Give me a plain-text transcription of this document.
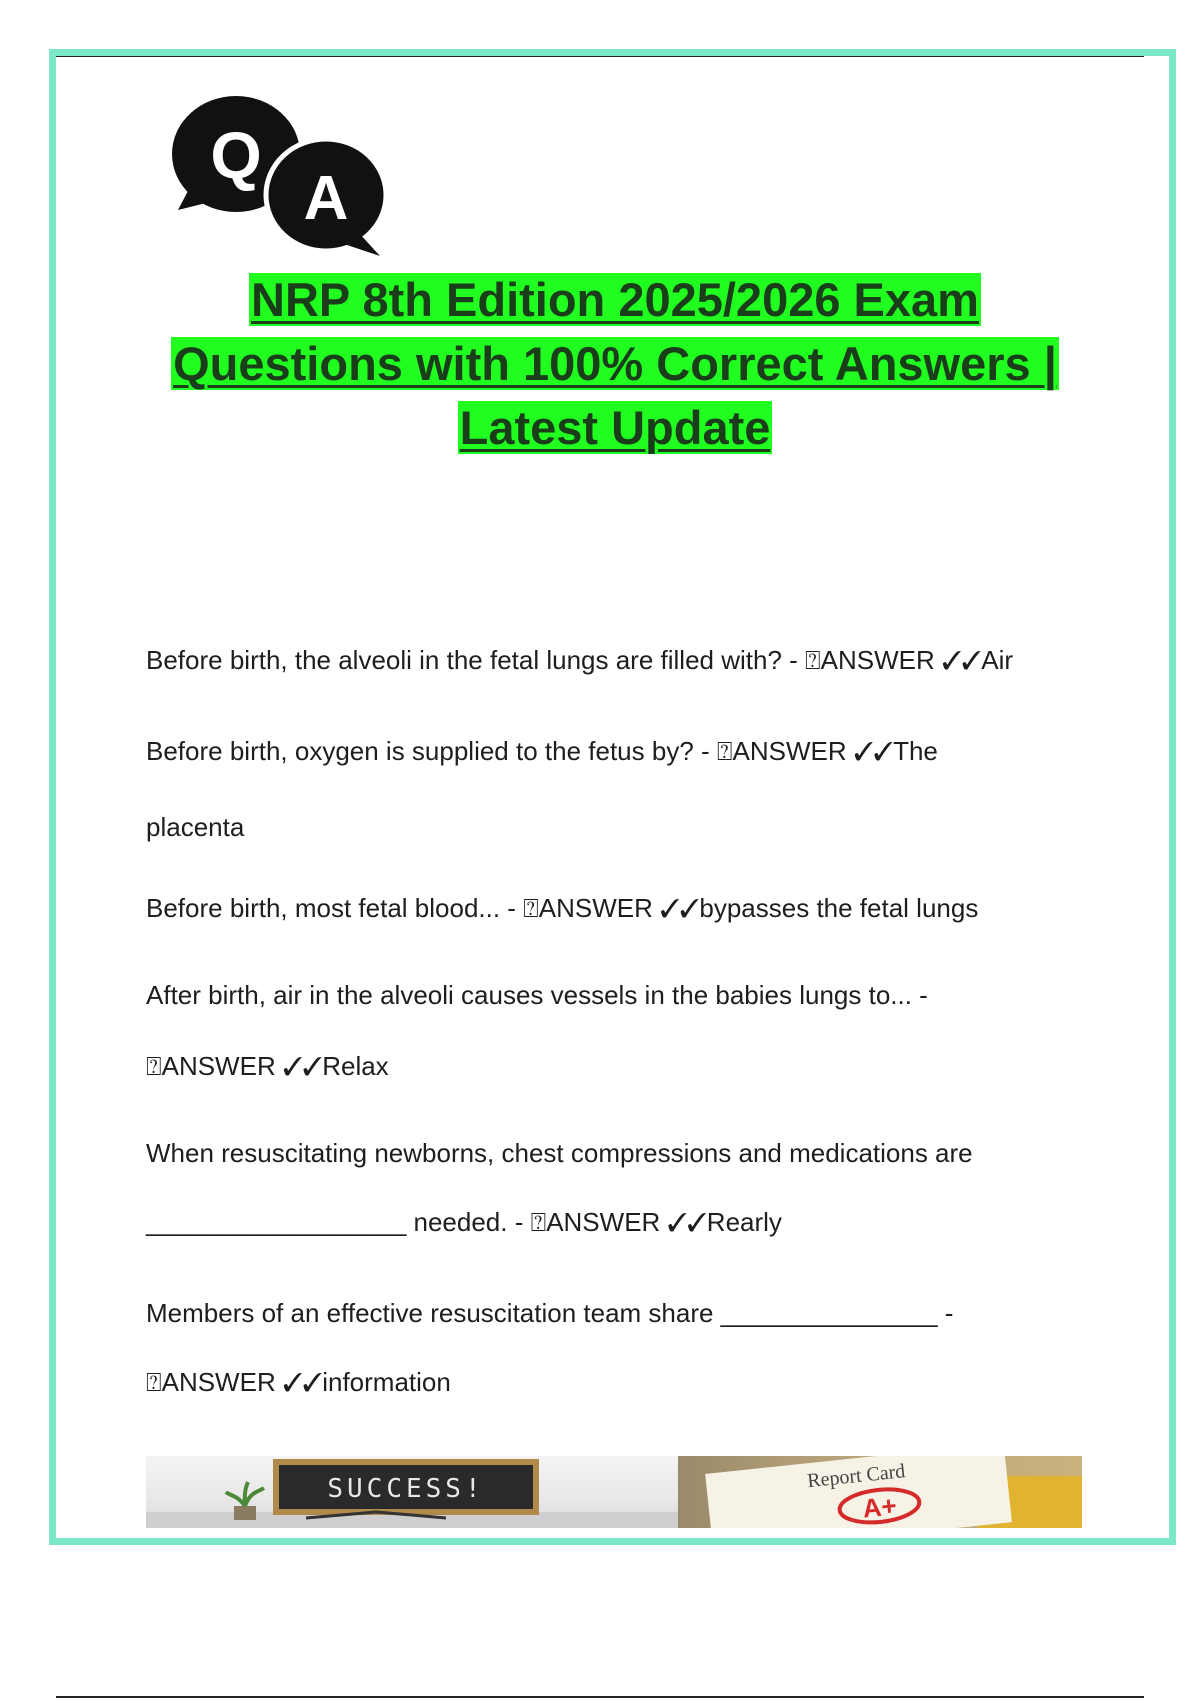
Q
A
NRP 8th Edition 2025/2026 Exam
Questions with 100% Correct Answers |
Latest Update
Before birth, the alveoli in the fetal lungs are filled with? - ⍰ANSWER ✓✓Air
Before birth, oxygen is supplied to the fetus by? - ⍰ANSWER ✓✓The
placenta
Before birth, most fetal blood... - ⍰ANSWER ✓✓bypasses the fetal lungs
After birth, air in the alveoli causes vessels in the babies lungs to... -
⍰ANSWER ✓✓Relax
When resuscitating newborns, chest compressions and medications are
__________________ needed. - ⍰ANSWER ✓✓Rearly
Members of an effective resuscitation team share _______________ -
⍰ANSWER ✓✓information
SUCCESS!	Report Card
A+
